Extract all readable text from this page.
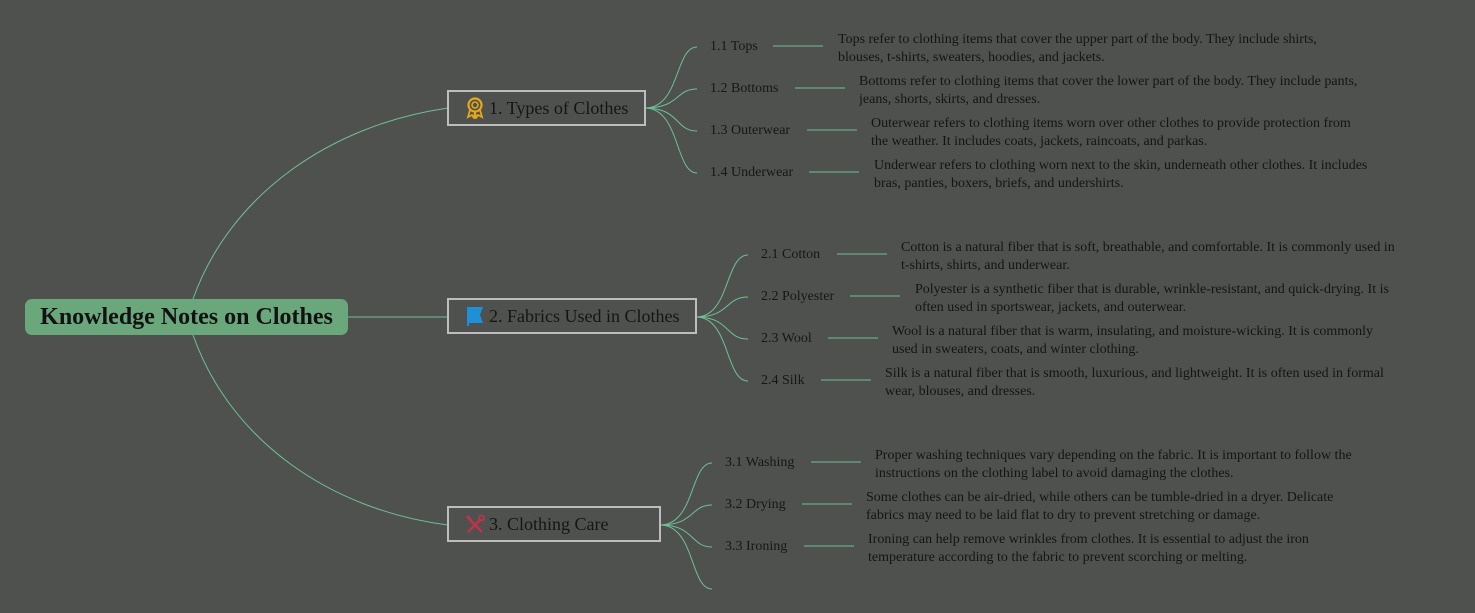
Knowledge Notes on Clothes
1. Types of Clothes
2. Fabrics Used in Clothes
3. Clothing Care
1.1 Tops
1.2 Bottoms
1.3 Outerwear
1.4 Underwear
2.1 Cotton
2.2 Polyester
2.3 Wool
2.4 Silk
3.1 Washing
3.2 Drying
3.3 Ironing
Tops refer to clothing items that cover the upper part of the body. They include shirts,
blouses, t-shirts, sweaters, hoodies, and jackets.
Bottoms refer to clothing items that cover the lower part of the body. They include pants,
jeans, shorts, skirts, and dresses.
Outerwear refers to clothing items worn over other clothes to provide protection from
the weather. It includes coats, jackets, raincoats, and parkas.
Underwear refers to clothing worn next to the skin, underneath other clothes. It includes
bras, panties, boxers, briefs, and undershirts.
Cotton is a natural fiber that is soft, breathable, and comfortable. It is commonly used in
t-shirts, shirts, and underwear.
Polyester is a synthetic fiber that is durable, wrinkle-resistant, and quick-drying. It is
often used in sportswear, jackets, and outerwear.
Wool is a natural fiber that is warm, insulating, and moisture-wicking. It is commonly
used in sweaters, coats, and winter clothing.
Silk is a natural fiber that is smooth, luxurious, and lightweight. It is often used in formal
wear, blouses, and dresses.
Proper washing techniques vary depending on the fabric. It is important to follow the
instructions on the clothing label to avoid damaging the clothes.
Some clothes can be air-dried, while others can be tumble-dried in a dryer. Delicate
fabrics may need to be laid flat to dry to prevent stretching or damage.
Ironing can help remove wrinkles from clothes. It is essential to adjust the iron
temperature according to the fabric to prevent scorching or melting.
